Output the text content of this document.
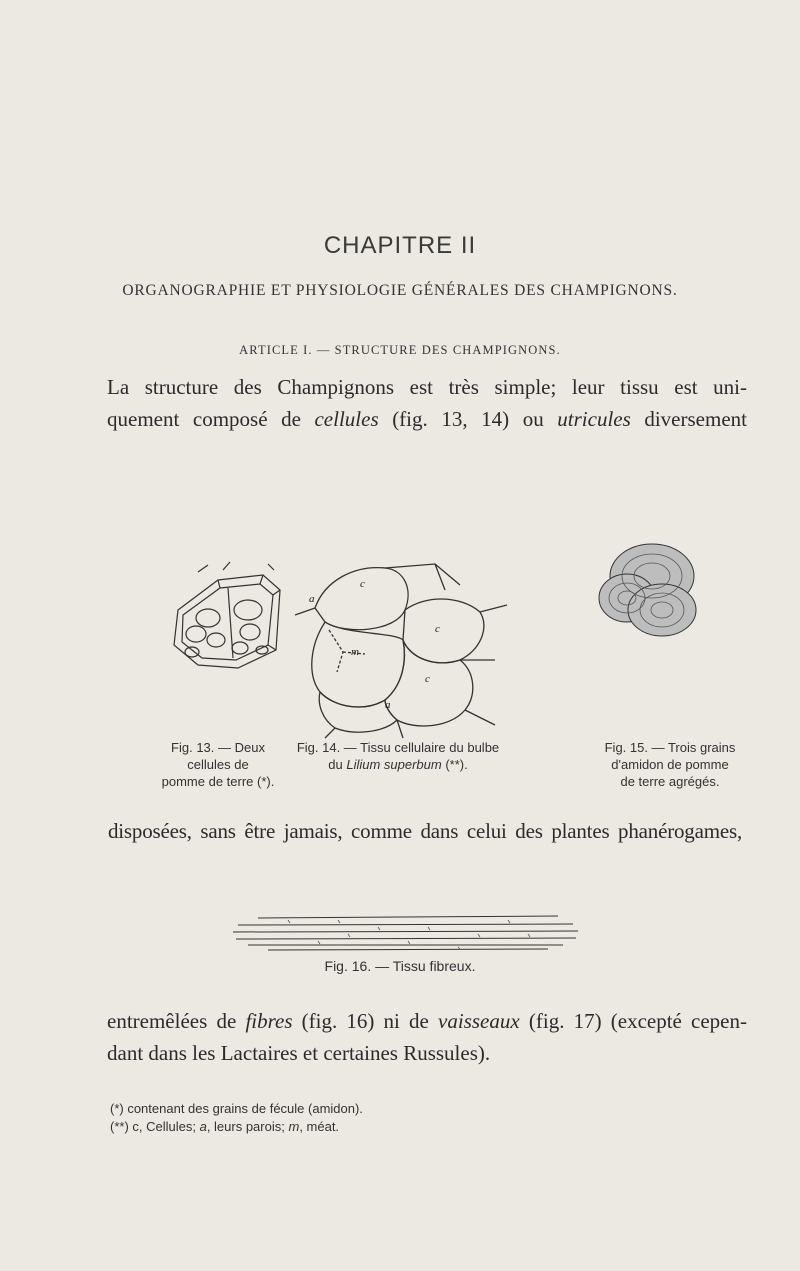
CHAPITRE II
ORGANOGRAPHIE ET PHYSIOLOGIE GÉNÉRALES DES CHAMPIGNONS.
ARTICLE I. — STRUCTURE DES CHAMPIGNONS.
La structure des Champignons est très simple; leur tissu est uni-
quement composé de cellules (fig. 13, 14) ou utricules diversement
c
c
c
a
a
m
Fig. 13. — Deux cellules de
pomme de terre (*).
Fig. 14. — Tissu cellulaire du bulbe
du Lilium superbum (**).
Fig. 15. — Trois grains
d'amidon de pomme
de terre agrégés.
disposées, sans être jamais, comme dans celui des plantes phanérogames,
Fig. 16. — Tissu fibreux.
entremêlées de fibres (fig. 16) ni de vaisseaux (fig. 17) (excepté cepen-
dant dans les Lactaires et certaines Russules).
(*) contenant des grains de fécule (amidon).
(**) c, Cellules; a, leurs parois; m, méat.
